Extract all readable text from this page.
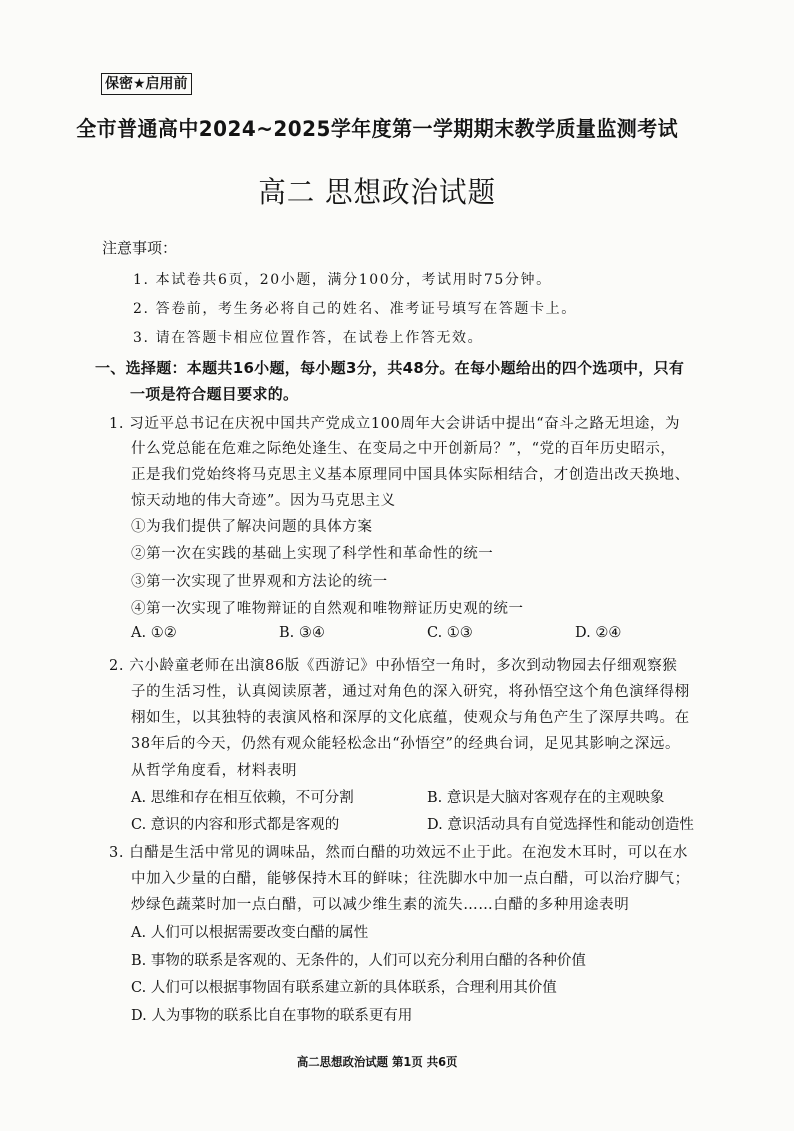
保密★启用前
全市普通高中2024~2025学年度第一学期期末教学质量监测考试
高二 思想政治试题
注意事项：
1. 本试卷共6页，20小题，满分100分，考试用时75分钟。
2. 答卷前，考生务必将自己的姓名、准考证号填写在答题卡上。
3. 请在答题卡相应位置作答，在试卷上作答无效。
一、选择题：本题共16小题，每小题3分，共48分。在每小题给出的四个选项中，只有
一项是符合题目要求的。
1. 习近平总书记在庆祝中国共产党成立100周年大会讲话中提出“奋斗之路无坦途，为
什么党总能在危难之际绝处逢生、在变局之中开创新局？”，“党的百年历史昭示，
正是我们党始终将马克思主义基本原理同中国具体实际相结合，才创造出改天换地、
惊天动地的伟大奇迹”。因为马克思主义
①为我们提供了解决问题的具体方案
②第一次在实践的基础上实现了科学性和革命性的统一
③第一次实现了世界观和方法论的统一
④第一次实现了唯物辩证的自然观和唯物辩证历史观的统一
A. ①②	B. ③④	C. ①③	D. ②④
2. 六小龄童老师在出演86版《西游记》中孙悟空一角时，多次到动物园去仔细观察猴
子的生活习性，认真阅读原著，通过对角色的深入研究，将孙悟空这个角色演绎得栩
栩如生，以其独特的表演风格和深厚的文化底蕴，使观众与角色产生了深厚共鸣。在
38年后的今天，仍然有观众能轻松念出“孙悟空”的经典台词，足见其影响之深远。
从哲学角度看，材料表明
A. 思维和存在相互依赖，不可分割	B. 意识是大脑对客观存在的主观映象
C. 意识的内容和形式都是客观的	D. 意识活动具有自觉选择性和能动创造性
3. 白醋是生活中常见的调味品，然而白醋的功效远不止于此。在泡发木耳时，可以在水
中加入少量的白醋，能够保持木耳的鲜味；往洗脚水中加一点白醋，可以治疗脚气；
炒绿色蔬菜时加一点白醋，可以减少维生素的流失……白醋的多种用途表明
A. 人们可以根据需要改变白醋的属性
B. 事物的联系是客观的、无条件的，人们可以充分利用白醋的各种价值
C. 人们可以根据事物固有联系建立新的具体联系，合理利用其价值
D. 人为事物的联系比自在事物的联系更有用
高二思想政治试题 第1页 共6页
